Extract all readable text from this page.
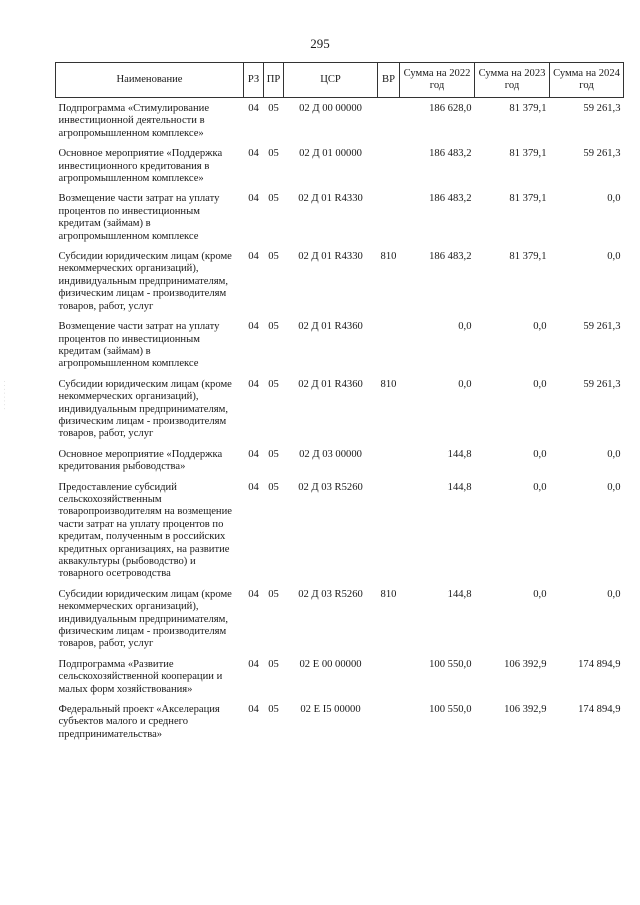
295
· · · · · · · ·
Наименование	РЗ	ПР	ЦСР	ВР	Сумма на 2022 год	Сумма на 2023 год	Сумма на 2024 год
Подпрограмма «Стимулирование инвестиционной деятельности в агропромышленном комплексе»	04	05	02 Д 00 00000		186 628,0	81 379,1	59 261,3
Основное мероприятие «Поддержка инвестиционного кредитования в агропромышленном комплексе»	04	05	02 Д 01 00000		186 483,2	81 379,1	59 261,3
Возмещение части затрат на уплату процентов по инвестиционным кредитам (займам) в агропромышленном комплексе	04	05	02 Д 01 R4330		186 483,2	81 379,1	0,0
Субсидии юридическим лицам (кроме некоммерческих организаций), индивидуальным предпринимателям, физическим лицам - производителям товаров, работ, услуг	04	05	02 Д 01 R4330	810	186 483,2	81 379,1	0,0
Возмещение части затрат на уплату процентов по инвестиционным кредитам (займам) в агропромышленном комплексе	04	05	02 Д 01 R4360		0,0	0,0	59 261,3
Субсидии юридическим лицам (кроме некоммерческих организаций), индивидуальным предпринимателям, физическим лицам - производителям товаров, работ, услуг	04	05	02 Д 01 R4360	810	0,0	0,0	59 261,3
Основное мероприятие «Поддержка кредитования рыбоводства»	04	05	02 Д 03 00000		144,8	0,0	0,0
Предоставление субсидий сельскохозяйственным товаропроизводителям на возмещение части затрат на уплату процентов по кредитам, полученным в российских кредитных организациях, на развитие аквакультуры (рыбоводство) и товарного осетроводства	04	05	02 Д 03 R5260		144,8	0,0	0,0
Субсидии юридическим лицам (кроме некоммерческих организаций), индивидуальным предпринимателям, физическим лицам - производителям товаров, работ, услуг	04	05	02 Д 03 R5260	810	144,8	0,0	0,0
Подпрограмма «Развитие сельскохозяйственной кооперации и малых форм хозяйствования»	04	05	02 Е 00 00000		100 550,0	106 392,9	174 894,9
Федеральный проект «Акселерация субъектов малого и среднего предпринимательства»	04	05	02 Е I5 00000		100 550,0	106 392,9	174 894,9
